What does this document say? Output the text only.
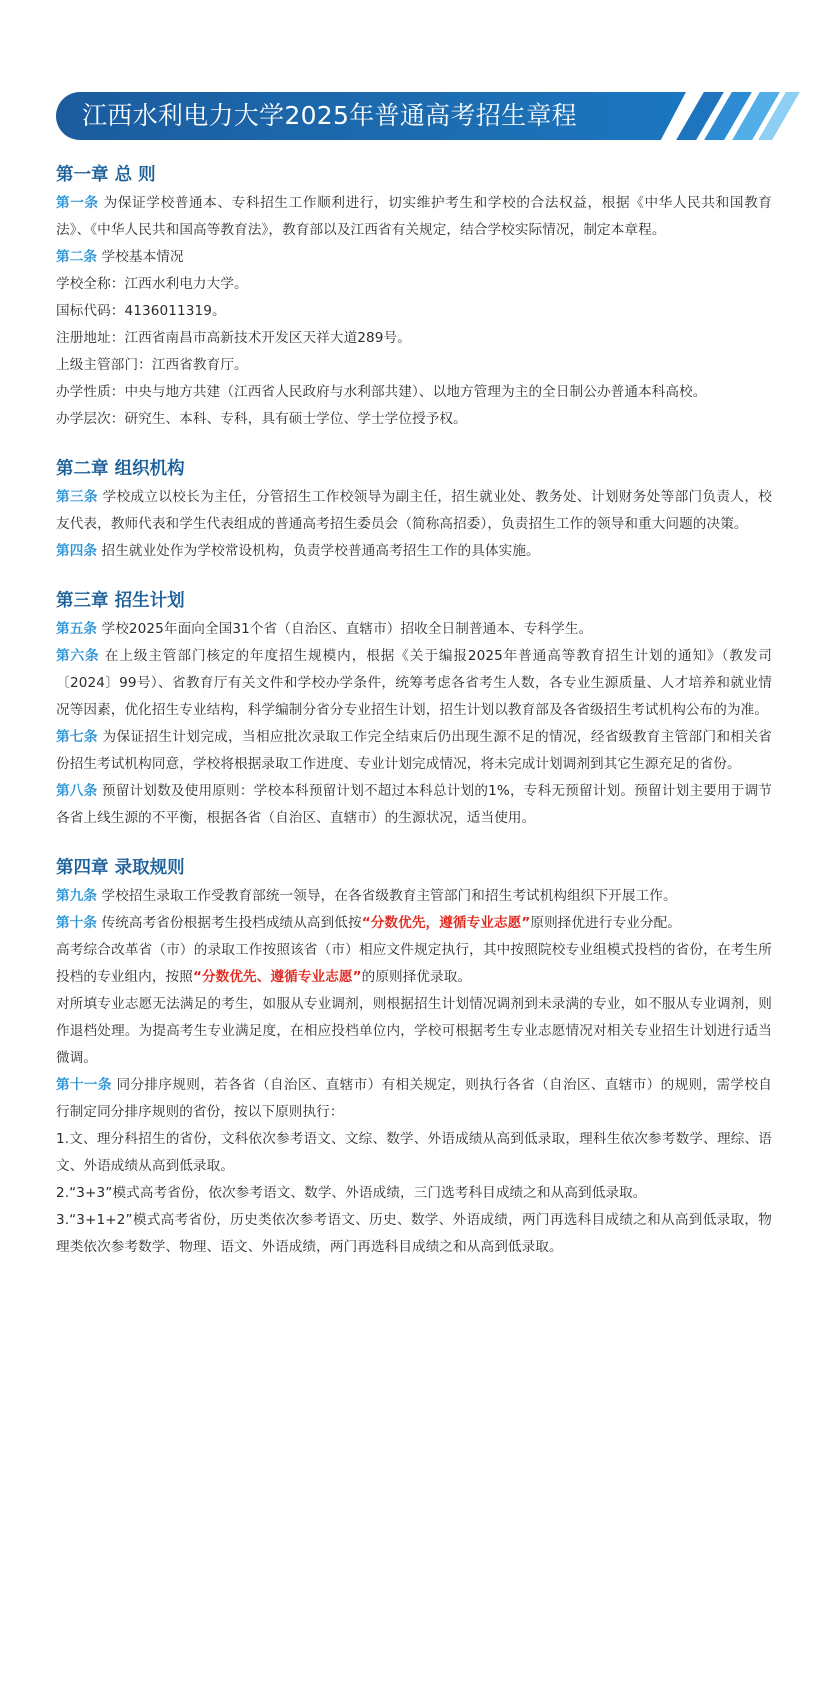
江西水利电力大学2025年普通高考招生章程
第一章 总 则

第一条 为保证学校普通本、专科招生工作顺利进行，切实维护考生和学校的合法权益，根据《中华人民共和国教育法》、《中华人民共和国高等教育法》，教育部以及江西省有关规定，结合学校实际情况，制定本章程。

第二条 学校基本情况

学校全称：江西水利电力大学。

国标代码：4136011319。

注册地址：江西省南昌市高新技术开发区天祥大道289号。

上级主管部门：江西省教育厅。

办学性质：中央与地方共建（江西省人民政府与水利部共建）、以地方管理为主的全日制公办普通本科高校。

办学层次：研究生、本科、专科，具有硕士学位、学士学位授予权。

第二章 组织机构

第三条 学校成立以校长为主任，分管招生工作校领导为副主任，招生就业处、教务处、计划财务处等部门负责人，校友代表，教师代表和学生代表组成的普通高考招生委员会（简称高招委），负责招生工作的领导和重大问题的决策。

第四条 招生就业处作为学校常设机构，负责学校普通高考招生工作的具体实施。

第三章 招生计划

第五条 学校2025年面向全国31个省（自治区、直辖市）招收全日制普通本、专科学生。

第六条 在上级主管部门核定的年度招生规模内，根据《关于编报2025年普通高等教育招生计划的通知》（教发司〔2024〕99号）、省教育厅有关文件和学校办学条件，统筹考虑各省考生人数，各专业生源质量、人才培养和就业情况等因素，优化招生专业结构，科学编制分省分专业招生计划，招生计划以教育部及各省级招生考试机构公布的为准。

第七条 为保证招生计划完成，当相应批次录取工作完全结束后仍出现生源不足的情况，经省级教育主管部门和相关省份招生考试机构同意，学校将根据录取工作进度、专业计划完成情况，将未完成计划调剂到其它生源充足的省份。

第八条 预留计划数及使用原则：学校本科预留计划不超过本科总计划的1%，专科无预留计划。预留计划主要用于调节各省上线生源的不平衡，根据各省（自治区、直辖市）的生源状况，适当使用。

第四章 录取规则

第九条 学校招生录取工作受教育部统一领导，在各省级教育主管部门和招生考试机构组织下开展工作。

第十条 传统高考省份根据考生投档成绩从高到低按“分数优先，遵循专业志愿”原则择优进行专业分配。

高考综合改革省（市）的录取工作按照该省（市）相应文件规定执行，其中按照院校专业组模式投档的省份，在考生所投档的专业组内，按照“分数优先、遵循专业志愿”的原则择优录取。

对所填专业志愿无法满足的考生，如服从专业调剂，则根据招生计划情况调剂到未录满的专业，如不服从专业调剂，则作退档处理。为提高考生专业满足度，在相应投档单位内，学校可根据考生专业志愿情况对相关专业招生计划进行适当微调。

第十一条 同分排序规则，若各省（自治区、直辖市）有相关规定，则执行各省（自治区、直辖市）的规则，需学校自行制定同分排序规则的省份，按以下原则执行：

1.文、理分科招生的省份，文科依次参考语文、文综、数学、外语成绩从高到低录取，理科生依次参考数学、理综、语文、外语成绩从高到低录取。

2.“3+3”模式高考省份，依次参考语文、数学、外语成绩，三门选考科目成绩之和从高到低录取。

3.“3+1+2”模式高考省份，历史类依次参考语文、历史、数学、外语成绩，两门再选科目成绩之和从高到低录取，物理类依次参考数学、物理、语文、外语成绩，两门再选科目成绩之和从高到低录取。
